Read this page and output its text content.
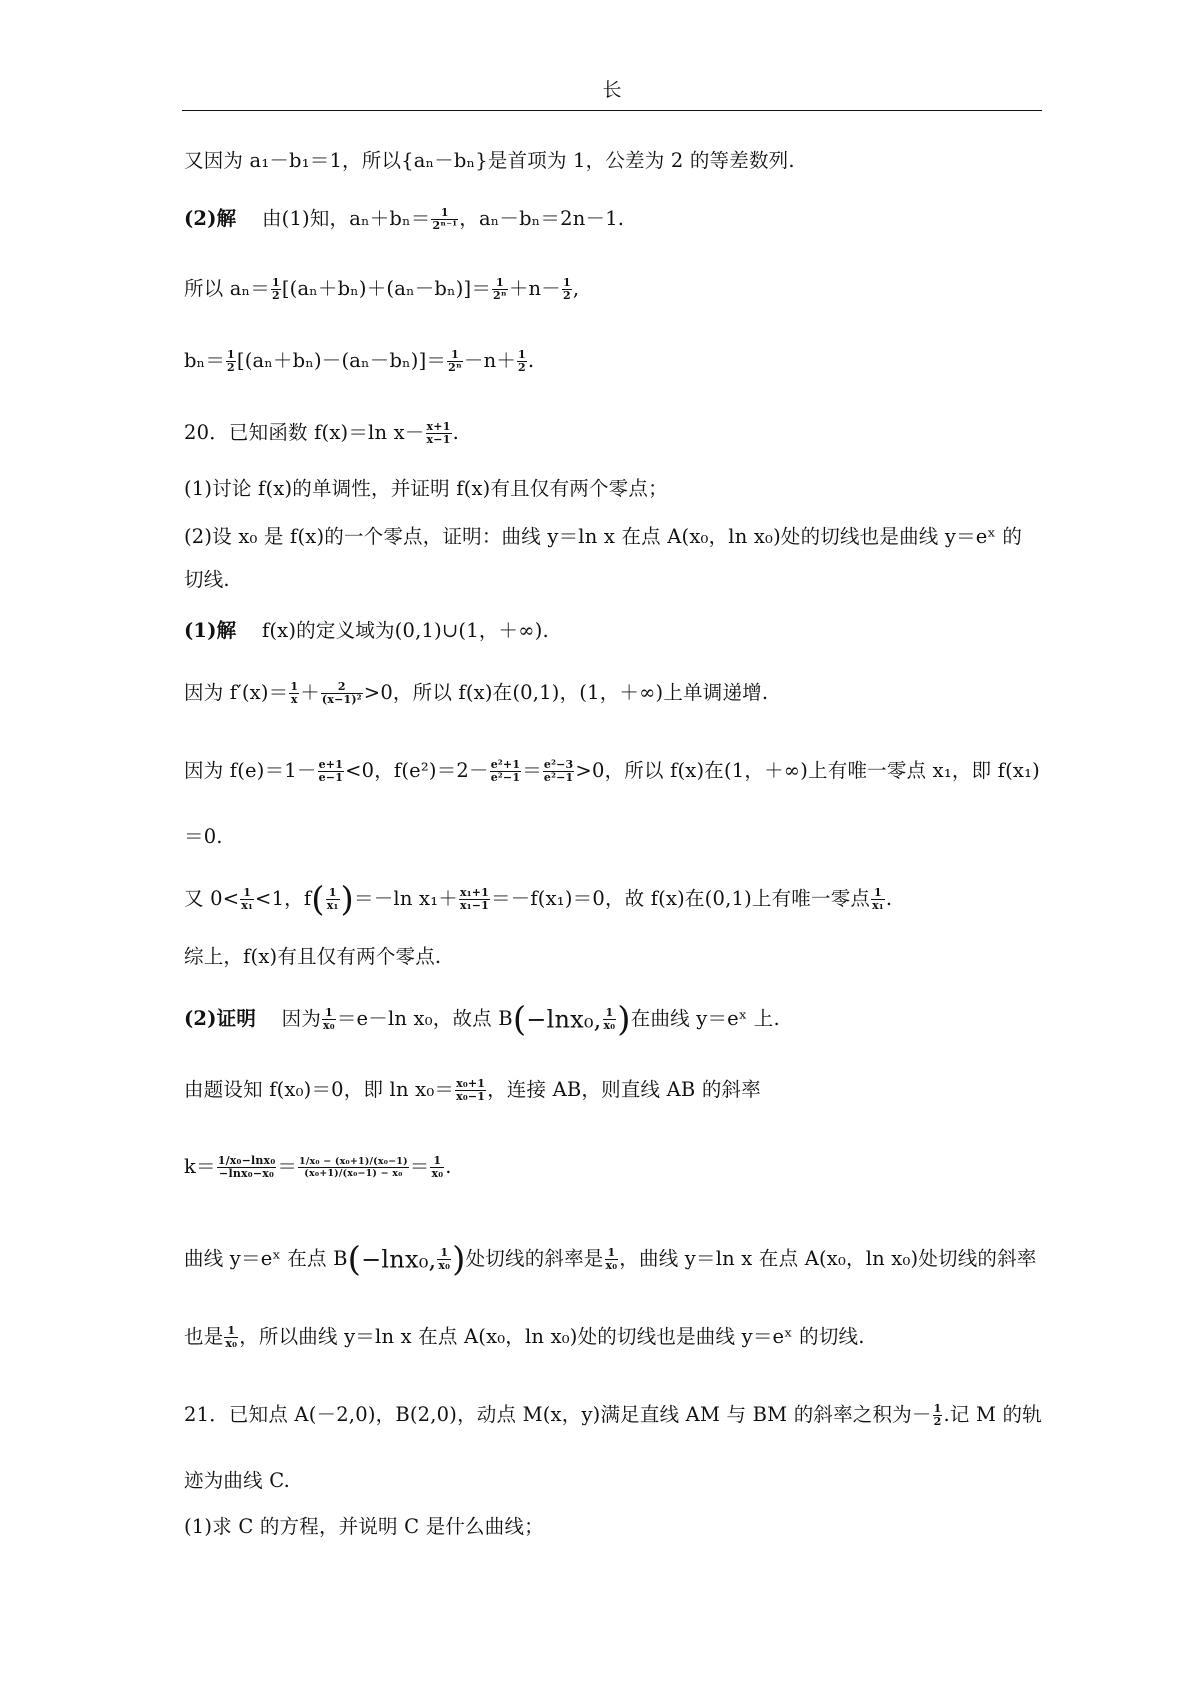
长
又因为 a₁－b₁＝1，所以{aₙ－bₙ}是首项为 1，公差为 2 的等差数列.
(2)解 由(1)知，$a_n+b_n= \frac{1}{\text{2ⁿ⁻¹}}$ ，aₙ－bₙ＝2n－1.
所以 $a_n= \frac{1}{2} [(a_n+b_n)+(a_n-b_n)]= \frac{1}{\text{2ⁿ}} +n- \frac{1}{2}$ ,
$b_n= \frac{1}{2} [(a_n+b_n)-(a_n-b_n)]= \frac{1}{\text{2ⁿ}} -n+ \frac{1}{2}$ .
20．已知函数 f(x)＝ln $x- \frac{x+1}{x-1}$ .
(1)讨论 f(x)的单调性，并证明 f(x)有且仅有两个零点；
(2)设 x₀ 是 f(x)的一个零点，证明：曲线 y＝ln x 在点 A(x₀，ln x₀)处的切线也是曲线 y＝eˣ 的
切线.
(1)解 f(x)的定义域为(0,1)∪(1，＋∞).
因为 $f'(x)= \frac{1}{x} + \frac{2}{\text{(x−1)²}} >0$，所以 f(x)在(0,1)，(1，＋∞)上单调递增.
因为 $f(e)=1- \frac{e+1}{e-1} <0$，$f(e^2)=2- \frac{\text{e²+1}}{\text{e²−1}} = \frac{\text{e²−3}}{\text{e²−1}} >0$，所以 f(x)在(1，＋∞)上有唯一零点 x₁，即 f(x₁)
＝0.
又 $0< \frac{1}{\text{x₁}} <1$，$f( \frac{1}{\text{x₁}} )=-\ln$ $x_1+ \frac{\text{x₁+1}}{\text{x₁−1}} =-f(x_1)=0$，故 f(x)在(0,1)上有唯一零点 $\frac{1}{\text{x₁}}$ .
综上，f(x)有且仅有两个零点.
(2)证明 因为 $\frac{1}{\text{x₀}} =e-\ln$ x₀，故点 B(−lnx₀, $\frac{1}{\text{x₀}}$ )在曲线 y＝eˣ 上.
由题设知 f(x₀)＝0，即 $\ln x_0= \frac{\text{x₀+1}}{\text{x₀−1}}$ ，连接 AB，则直线 AB 的斜率
$k= \frac{\text{1/x₀−lnx₀}}{\text{−lnx₀−x₀}} = \frac{\text{1/x₀ − (x₀+1)/(x₀−1)}}{\text{(x₀+1)/(x₀−1) − x₀}} = \frac{1}{\text{x₀}}$ .
曲线 y＝eˣ 在点 B(−lnx₀, $\frac{1}{\text{x₀}}$ )处切线的斜率是 $\frac{1}{\text{x₀}}$ ，曲线 y＝ln x 在点 A(x₀，ln x₀)处切线的斜率
也是 $\frac{1}{\text{x₀}}$ ，所以曲线 y＝ln x 在点 A(x₀，ln x₀)处的切线也是曲线 y＝eˣ 的切线.
21．已知点 A(－2,0)，B(2,0)，动点 M(x，y)满足直线 AM 与 BM 的斜率之积为－ $\frac{1}{2}$ .记 M 的轨
迹为曲线 C.
(1)求 C 的方程，并说明 C 是什么曲线；
